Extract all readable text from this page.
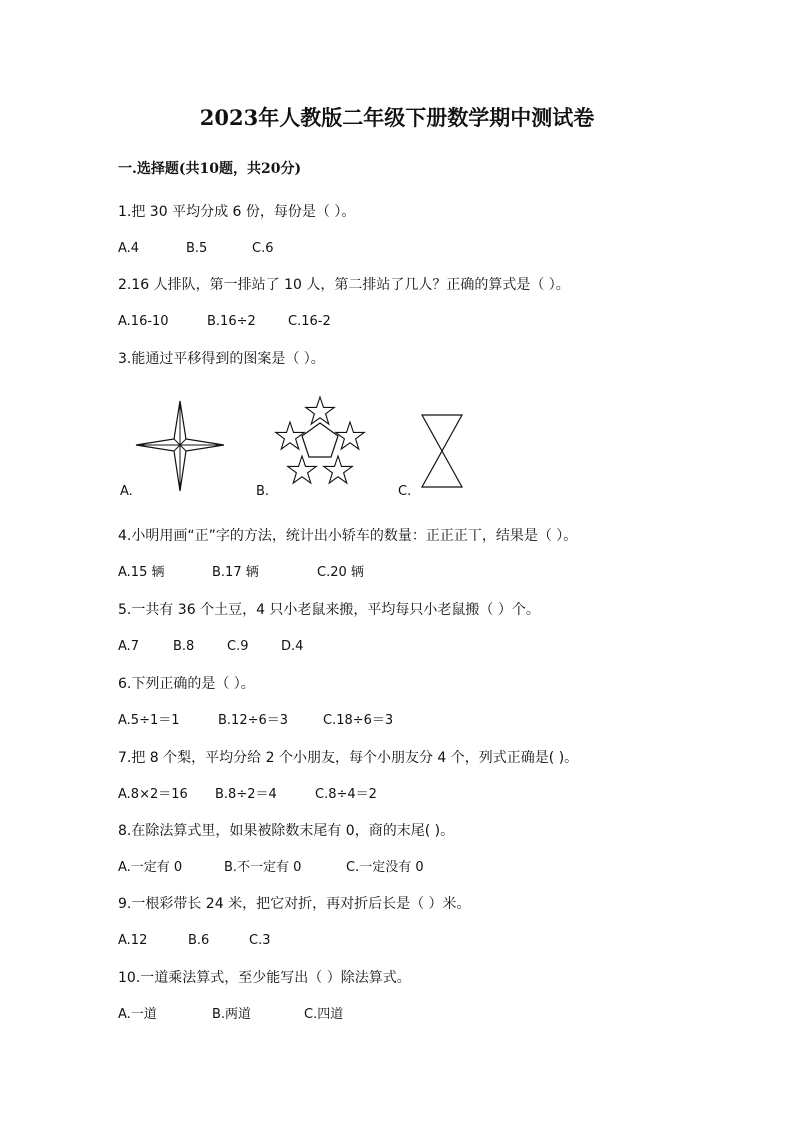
2023年人教版二年级下册数学期中测试卷
一.选择题(共10题，共20分)
1.把 30 平均分成 6 份，每份是（ ）。
A.4	B.5	C.6
2.16 人排队，第一排站了 10 人，第二排站了几人？正确的算式是（ ）。
A.16-10	B.16÷2 C.16-2
3.能通过平移得到的图案是（ ）。
A.	B.	C.
4.小明用画“正”字的方法，统计出小轿车的数量：正正正丅，结果是（ ）。
A.15 辆	B.17 辆	C.20 辆
5.一共有 36 个土豆，4 只小老鼠来搬，平均每只小老鼠搬（ ）个。
A.7	B.8	C.9	D.4
6.下列正确的是（ ）。
A.5÷1＝1	B.12÷6＝3	C.18÷6＝3
7.把 8 个梨，平均分给 2 个小朋友，每个小朋友分 4 个，列式正确是( )。
A.8×2＝16 B.8÷2＝4	C.8÷4＝2
8.在除法算式里，如果被除数末尾有 0，商的末尾( )。
A.一定有 0	B.不一定有 0	C.一定没有 0
9.一根彩带长 24 米，把它对折，再对折后长是（ ）米。
A.12	B.6	C.3
10.一道乘法算式，至少能写出（ ）除法算式。
A.一道	B.两道	C.四道
